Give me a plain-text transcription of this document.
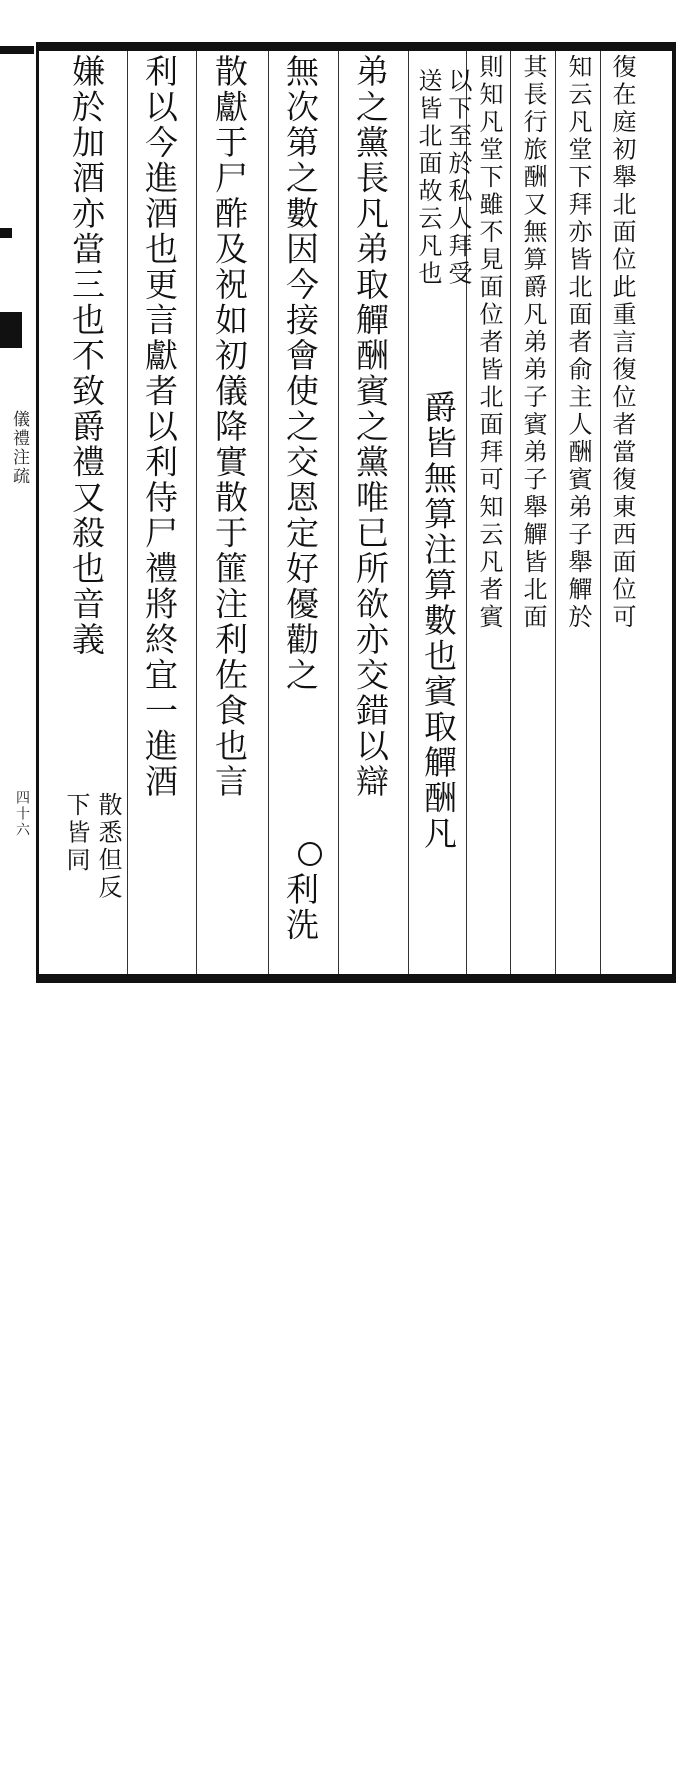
儀禮注疏
四十六
復在庭初舉北面位此重言復位者當復東西面位可
知云凡堂下拜亦皆北面者俞主人酬賓弟子舉觶於
其長行旅酬又無算爵凡弟弟子賓弟子舉觶皆北面
則知凡堂下雖不見面位者皆北面拜可知云凡者賓
以下至於私人拜受
送皆北面故云凡也
爵皆無算注算數也賓取觶酬凡
弟之黨長凡弟取觶酬賓之黨唯已所欲亦交錯以辯
無次第之數因今接會使之交恩定好優勸之
利洗
散獻于尸酢及祝如初儀降實散于篚注利佐食也言
利以今進酒也更言獻者以利侍尸禮將終宜一進酒
嫌於加酒亦當三也不致爵禮又殺也音義
散悉但反
下皆同
